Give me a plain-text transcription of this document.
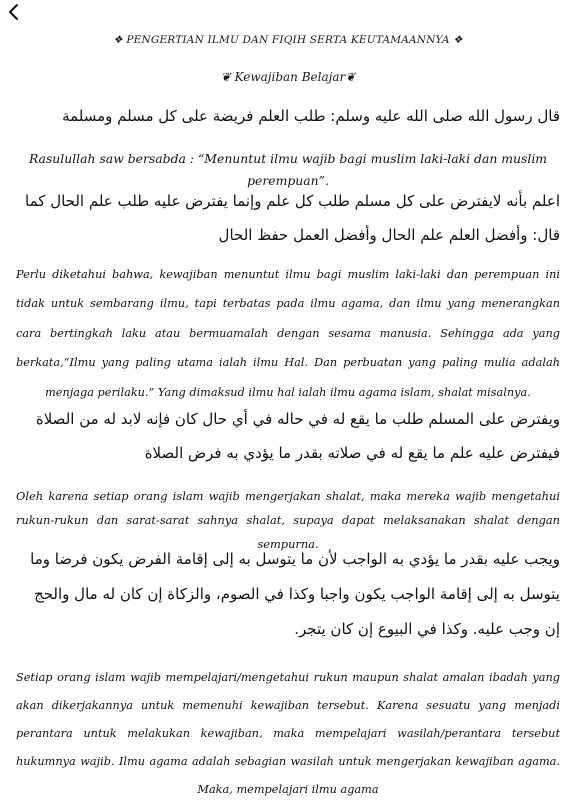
❖ PENGERTIAN ILMU DAN FIQIH SERTA KEUTAMAANNYA ❖
❦ Kewajiban Belajar❦
قال رسول الله صلى الله عليه وسلم: طلب العلم فريضة على كل مسلم ومسلمة
Rasulullah saw bersabda : “Menuntut ilmu wajib bagi muslim laki-laki dan muslim perempuan”.
اعلم بأنه لايفترض على كل مسلم طلب كل علم وإنما يفترض عليه طلب علم الحال كما قال: وأفضل العلم علم الحال وأفضل العمل حفظ الحال
Perlu diketahui bahwa, kewajiban menuntut ilmu bagi muslim laki-laki dan perempuan ini tidak untuk sembarang ilmu, tapi terbatas pada ilmu agama, dan ilmu yang menerangkan cara bertingkah laku atau bermuamalah dengan sesama manusia. Sehingga ada yang berkata,“Ilmu yang paling utama ialah ilmu Hal. Dan perbuatan yang paling mulia adalah menjaga perilaku.” Yang dimaksud ilmu hal ialah ilmu agama islam, shalat misalnya.
ويفترض على المسلم طلب ما يقع له في حاله في أي حال كان فإنه لابد له من الصلاة فيفترض عليه علم ما يقع له في صلاته بقدر ما يؤدي به فرض الصلاة
Oleh karena setiap orang islam wajib mengerjakan shalat, maka mereka wajib mengetahui rukun-rukun dan sarat-sarat sahnya shalat, supaya dapat melaksanakan shalat dengan sempurna.
ويجب عليه بقدر ما يؤدي به الواجب لأن ما يتوسل به إلى إقامة الفرض يكون فرضا وما يتوسل به إلى إقامة الواجب يكون واجبا وكذا في الصوم، والزكاة إن كان له مال والحج إن وجب عليه. وكذا في البيوع إن كان يتجر.
Setiap orang islam wajib mempelajari/mengetahui rukun maupun shalat amalan ibadah yang akan dikerjakannya untuk memenuhi kewajiban tersebut. Karena sesuatu yang menjadi perantara untuk melakukan kewajiban, maka mempelajari wasilah/perantara tersebut hukumnya wajib. Ilmu agama adalah sebagian wasilah untuk mengerjakan kewajiban agama. Maka, mempelajari ilmu agama
